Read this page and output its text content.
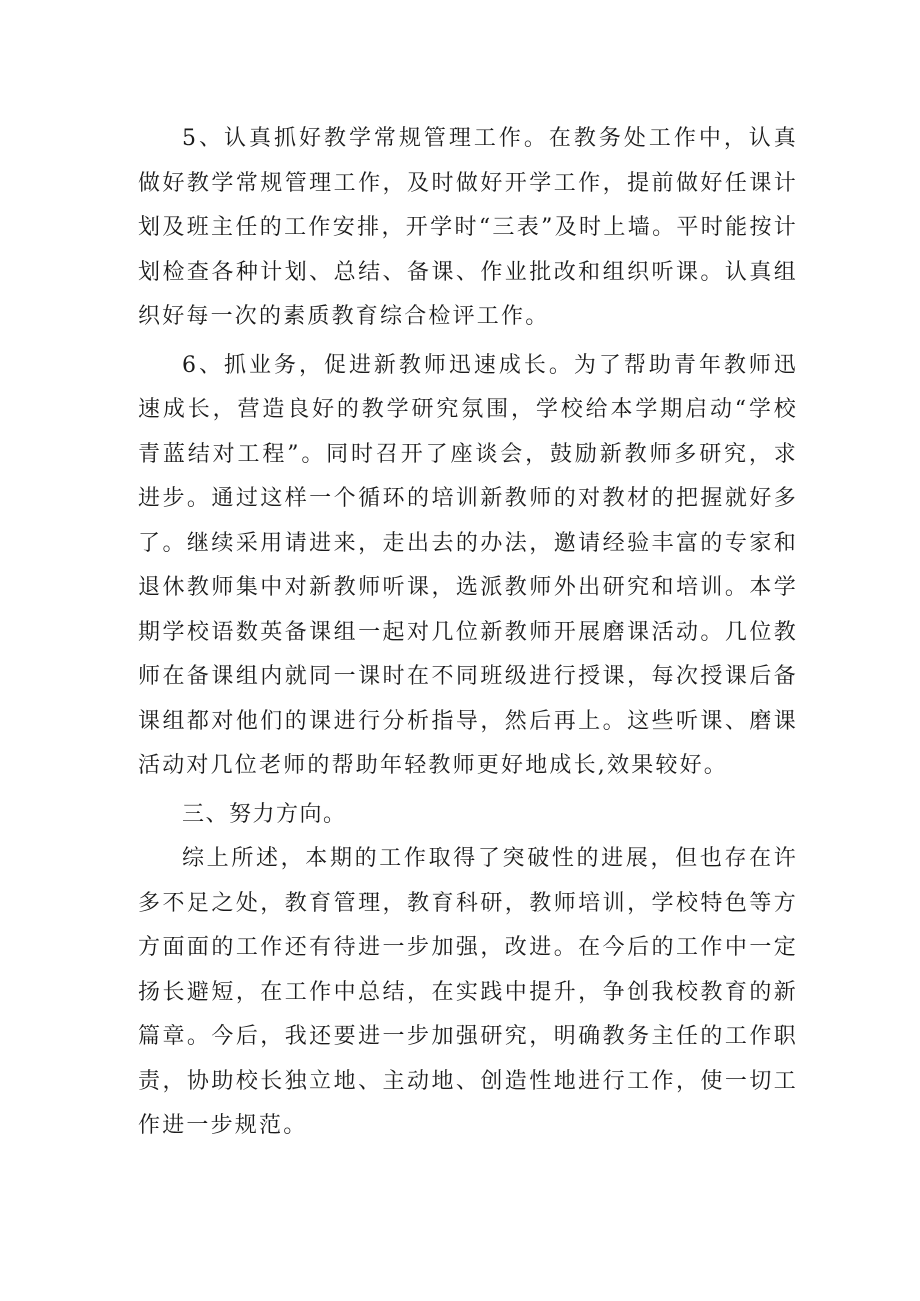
5、认真抓好教学常规管理工作。在教务处工作中，认真做好教学常规管理工作，及时做好开学工作，提前做好任课计划及班主任的工作安排，开学时“三表”及时上墙。平时能按计划检查各种计划、总结、备课、作业批改和组织听课。认真组织好每一次的素质教育综合检评工作。

6、抓业务，促进新教师迅速成长。为了帮助青年教师迅速成长，营造良好的教学研究氛围，学校给本学期启动“学校青蓝结对工程”。同时召开了座谈会，鼓励新教师多研究，求进步。通过这样一个循环的培训新教师的对教材的把握就好多了。继续采用请进来，走出去的办法，邀请经验丰富的专家和退休教师集中对新教师听课，选派教师外出研究和培训。本学期学校语数英备课组一起对几位新教师开展磨课活动。几位教师在备课组内就同一课时在不同班级进行授课，每次授课后备课组都对他们的课进行分析指导，然后再上。这些听课、磨课活动对几位老师的帮助年轻教师更好地成长,效果较好。

三、努力方向。

综上所述，本期的工作取得了突破性的进展，但也存在许多不足之处，教育管理，教育科研，教师培训，学校特色等方方面面的工作还有待进一步加强，改进。在今后的工作中一定扬长避短，在工作中总结，在实践中提升，争创我校教育的新篇章。今后，我还要进一步加强研究，明确教务主任的工作职责，协助校长独立地、主动地、创造性地进行工作，使一切工作进一步规范。
